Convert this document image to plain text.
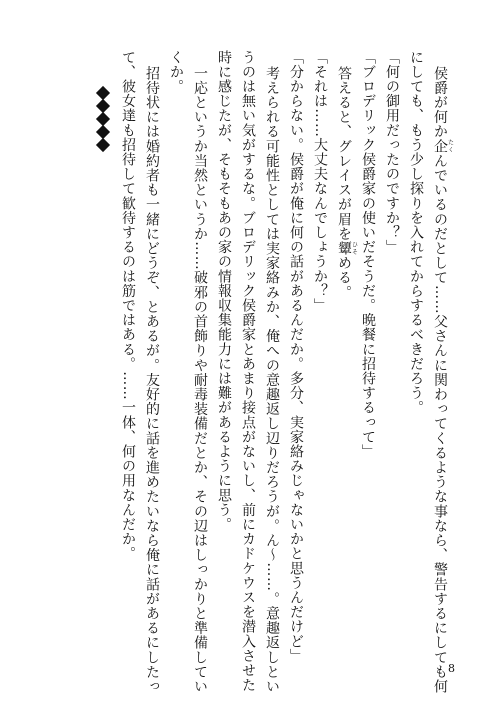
侯爵が何か企たくんでいるのだとして……父さんに関わってくるような事なら、警告するにしても何
にしても、もう少し探りを入れてからするべきだろう。
「何の御用だったのですか？」
「ブロデリック侯爵家の使いだそうだ。晩餐に招待するって」
答えると、グレイスが眉を顰ひそめる。
「それは……大丈夫なんでしょうか？」
「分からない。侯爵が俺に何の話があるんだか。多分、実家絡みじゃないかと思うんだけど」
考えられる可能性としては実家絡みか、俺への意趣返し辺りだろうが。ん〜……。意趣返しとい
うのは無い気がするな。ブロデリック侯爵家とあまり接点がないし、前にカドケウスを潜入させた
時に感じたが、そもそもあの家の情報収集能力には難があるように思う。
一応というか当然というか……破邪の首飾りや耐毒装備だとか、その辺はしっかりと準備してい
くか。
招待状には婚約者も一緒にどうぞ、とあるが。友好的に話を進めたいなら俺に話があるにしたっ
て、彼女達も招待して歓待するのは筋ではある。……一体、何の用なんだか。
8
